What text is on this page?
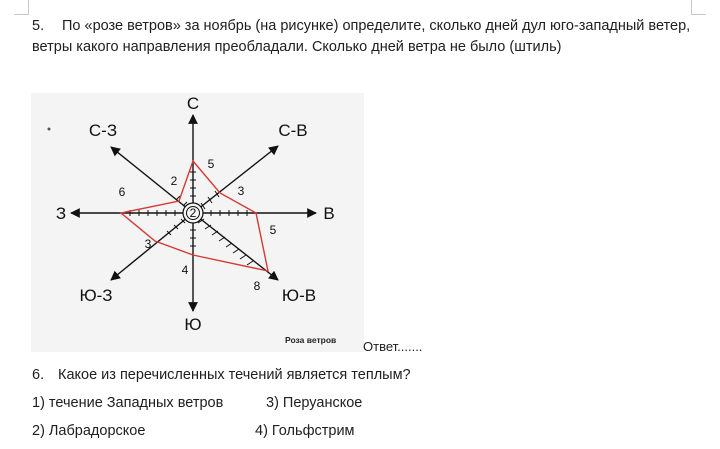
5. По «розе ветров» за ноябрь (на рисунке) определите, сколько дней дул юго-западный ветер, ветры какого направления преобладали. Сколько дней ветра не было (штиль)
2
С
С-В
В
Ю-В
Ю
Ю-З
З
С-З
5
3
5
8
4
3
6
2
Роза ветров Ответ.......
6. Какое из перечисленных течений является теплым?
1) течение Западных ветров	3) Перуанское
2) Лабрадорское	4) Гольфстрим
